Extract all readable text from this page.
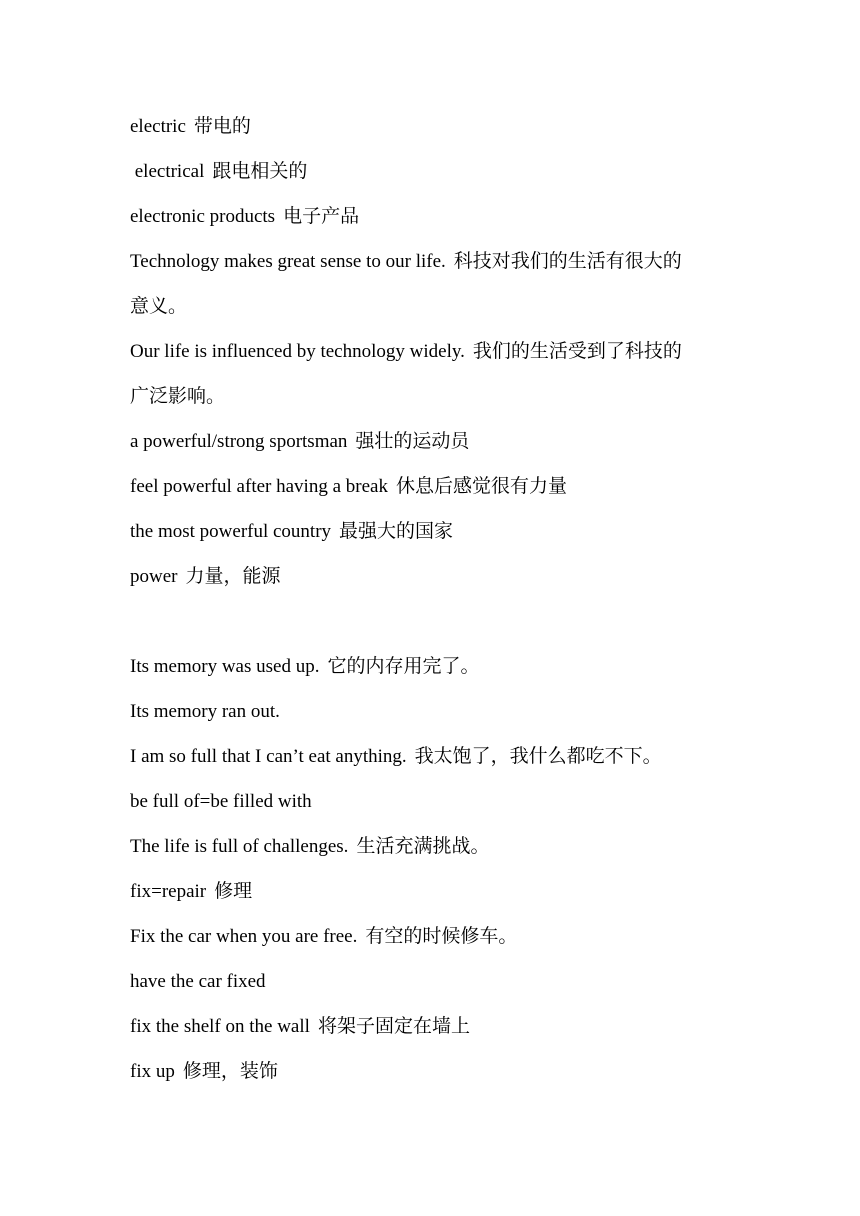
electric 带电的
electrical 跟电相关的
electronic products 电子产品
Technology makes great sense to our life. 科技对我们的生活有很大的
意义。
Our life is influenced by technology widely. 我们的生活受到了科技的
广泛影响。
a powerful/strong sportsman 强壮的运动员
feel powerful after having a break 休息后感觉很有力量
the most powerful country 最强大的国家
power 力量，能源
Its memory was used up. 它的内存用完了。
Its memory ran out.
I am so full that I can’t eat anything. 我太饱了，我什么都吃不下。
be full of=be filled with
The life is full of challenges. 生活充满挑战。
fix=repair 修理
Fix the car when you are free. 有空的时候修车。
have the car fixed
fix the shelf on the wall 将架子固定在墙上
fix up 修理，装饰
